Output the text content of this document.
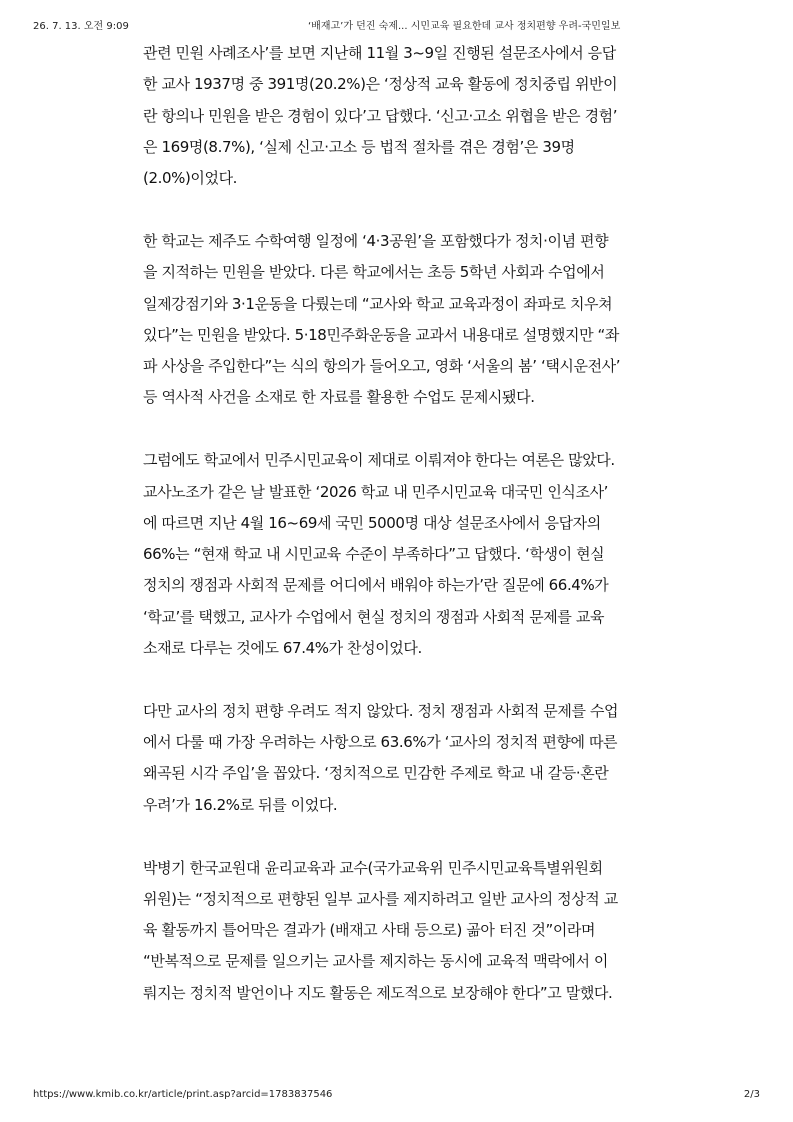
26. 7. 13. 오전 9:09	‘배재고’가 던진 숙제... 시민교육 필요한데 교사 정치편향 우려-국민일보

관련 민원 사례조사’를 보면 지난해 11월 3~9일 진행된 설문조사에서 응답
한 교사 1937명 중 391명(20.2%)은 ‘정상적 교육 활동에 정치중립 위반이
란 항의나 민원을 받은 경험이 있다’고 답했다. ‘신고·고소 위협을 받은 경험’
은 169명(8.7%), ‘실제 신고·고소 등 법적 절차를 겪은 경험’은 39명
(2.0%)이었다.

한 학교는 제주도 수학여행 일정에 ‘4·3공원’을 포함했다가 정치·이념 편향
을 지적하는 민원을 받았다. 다른 학교에서는 초등 5학년 사회과 수업에서
일제강점기와 3·1운동을 다뤘는데 “교사와 학교 교육과정이 좌파로 치우쳐
있다”는 민원을 받았다. 5·18민주화운동을 교과서 내용대로 설명했지만 “좌
파 사상을 주입한다”는 식의 항의가 들어오고, 영화 ‘서울의 봄’ ‘택시운전사’
등 역사적 사건을 소재로 한 자료를 활용한 수업도 문제시됐다.

그럼에도 학교에서 민주시민교육이 제대로 이뤄져야 한다는 여론은 많았다.
교사노조가 같은 날 발표한 ‘2026 학교 내 민주시민교육 대국민 인식조사’
에 따르면 지난 4월 16~69세 국민 5000명 대상 설문조사에서 응답자의
66%는 “현재 학교 내 시민교육 수준이 부족하다”고 답했다. ‘학생이 현실
정치의 쟁점과 사회적 문제를 어디에서 배워야 하는가’란 질문에 66.4%가
‘학교’를 택했고, 교사가 수업에서 현실 정치의 쟁점과 사회적 문제를 교육
소재로 다루는 것에도 67.4%가 찬성이었다.

다만 교사의 정치 편향 우려도 적지 않았다. 정치 쟁점과 사회적 문제를 수업
에서 다룰 때 가장 우려하는 사항으로 63.6%가 ‘교사의 정치적 편향에 따른
왜곡된 시각 주입’을 꼽았다. ‘정치적으로 민감한 주제로 학교 내 갈등·혼란
우려’가 16.2%로 뒤를 이었다.

박병기 한국교원대 윤리교육과 교수(국가교육위 민주시민교육특별위원회
위원)는 “정치적으로 편향된 일부 교사를 제지하려고 일반 교사의 정상적 교
육 활동까지 틀어막은 결과가 (배재고 사태 등으로) 곪아 터진 것”이라며
“반복적으로 문제를 일으키는 교사를 제지하는 동시에 교육적 맥락에서 이
뤄지는 정치적 발언이나 지도 활동은 제도적으로 보장해야 한다”고 말했다.

https://www.kmib.co.kr/article/print.asp?arcid=1783837546	2/3
